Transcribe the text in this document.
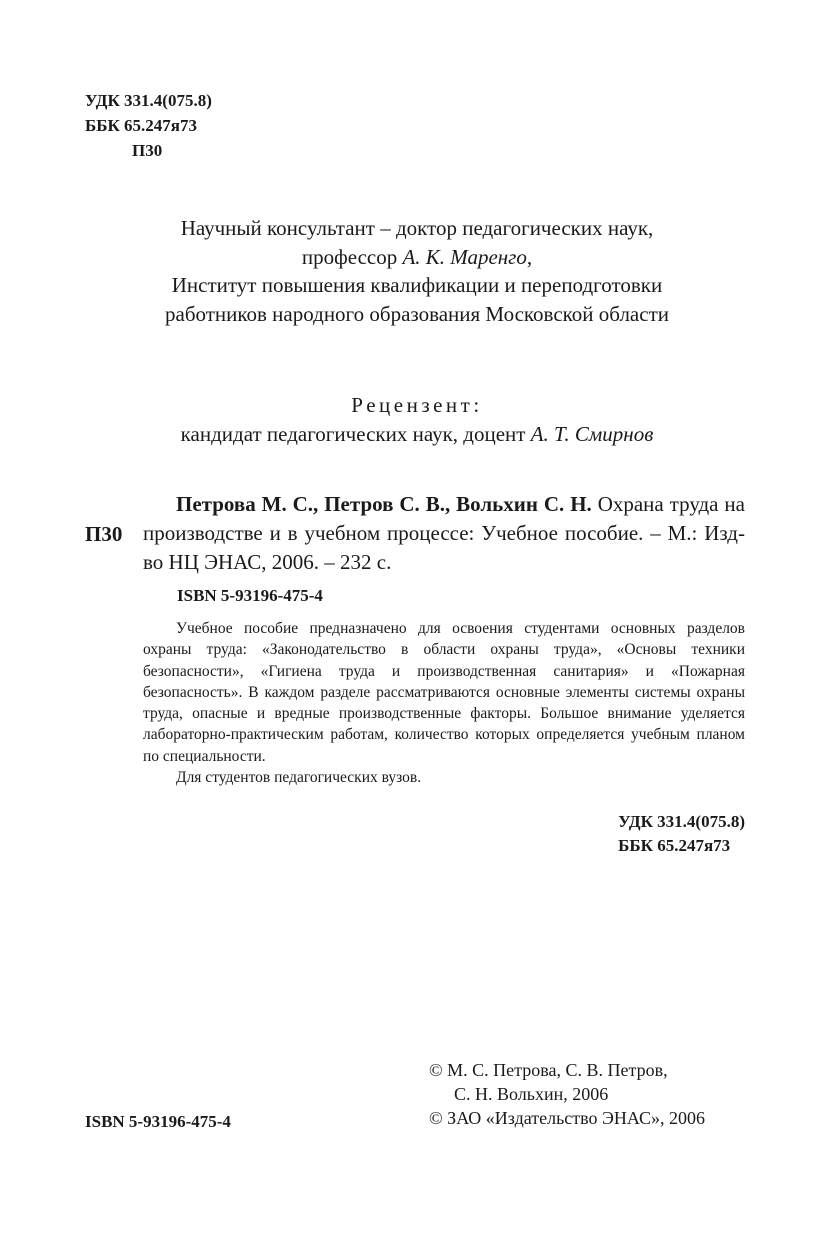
УДК 331.4(075.8)
ББК 65.247я73
П30
Научный консультант – доктор педагогических наук,
профессор А. К. Маренго,
Институт повышения квалификации и переподготовки
работников народного образования Московской области
Рецензент:
кандидат педагогических наук, доцент А. Т. Смирнов
П30
Петрова М. С., Петров С. В., Вольхин С. Н. Охрана труда на производстве и в учебном процессе: Учебное пособие. – М.: Изд-во НЦ ЭНАС, 2006. – 232 с.
ISBN 5-93196-475-4

Учебное пособие предназначено для освоения студентами основных разделов охраны труда: «Законодательство в области охраны труда», «Основы техники безопасности», «Гигиена труда и производственная санитария» и «Пожарная безопасность». В каждом разделе рассматриваются основные элементы системы охраны труда, опасные и вредные производственные факторы. Большое внимание уделяется лабораторно-практическим работам, количество которых определяется учебным планом по специальности.

Для студентов педагогических вузов.

УДК 331.4(075.8)
ББК 65.247я73
© М. С. Петрова, С. В. Петров,
С. Н. Вольхин, 2006
© ЗАО «Издательство ЭНАС», 2006
ISBN 5-93196-475-4
